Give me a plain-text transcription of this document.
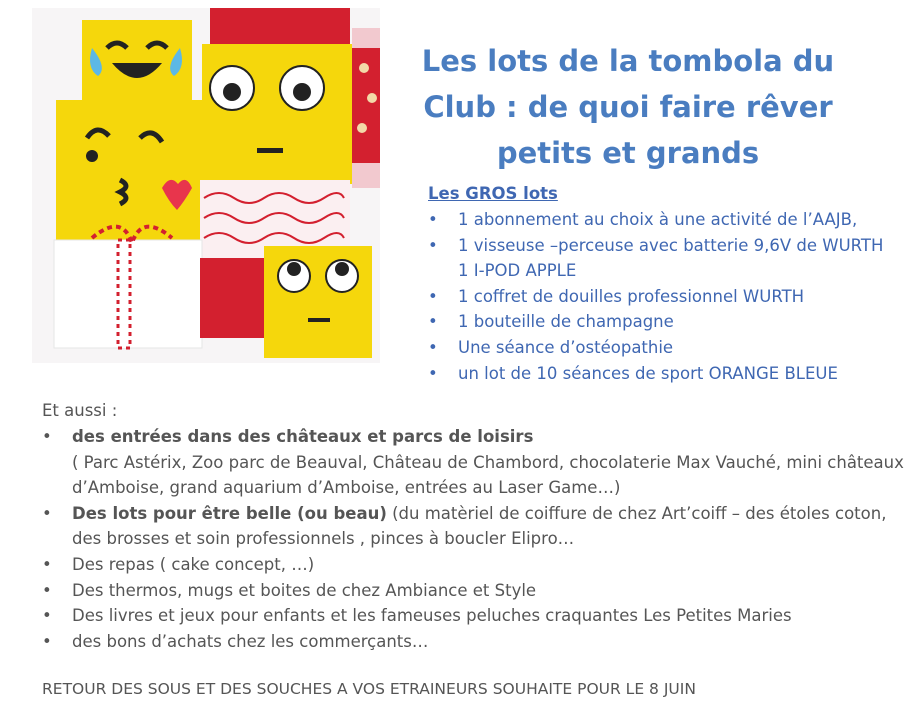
Les lots de la tombola du
Club : de quoi faire rêver
petits et grands

Les GROS lots

• 1 abonnement au choix à une activité de l’AAJB,
• 1 visseuse –perceuse avec batterie 9,6V de WURTH
1 I-POD APPLE
• 1 coffret de douilles professionnel WURTH
• 1 bouteille de champagne
• Une séance d’ostéopathie
• un lot de 10 séances de sport ORANGE BLEUE

Et aussi :

• des entrées dans des châteaux et parcs de loisirs
( Parc Astérix, Zoo parc de Beauval, Château de Chambord, chocolaterie Max Vauché, mini châteaux d’Amboise, grand aquarium d’Amboise, entrées au Laser Game…)
• Des lots pour être belle (ou beau) (du matèriel de coiffure de chez Art’coiff – des étoles coton, des brosses et soin professionnels , pinces à boucler Elipro…
• Des repas ( cake concept, …)
• Des thermos, mugs et boites de chez Ambiance et Style
• Des livres et jeux pour enfants et les fameuses peluches craquantes Les Petites Maries
• des bons d’achats chez les commerçants…
RETOUR DES SOUS ET DES SOUCHES A VOS ETRAINEURS SOUHAITE POUR LE 8 JUIN
